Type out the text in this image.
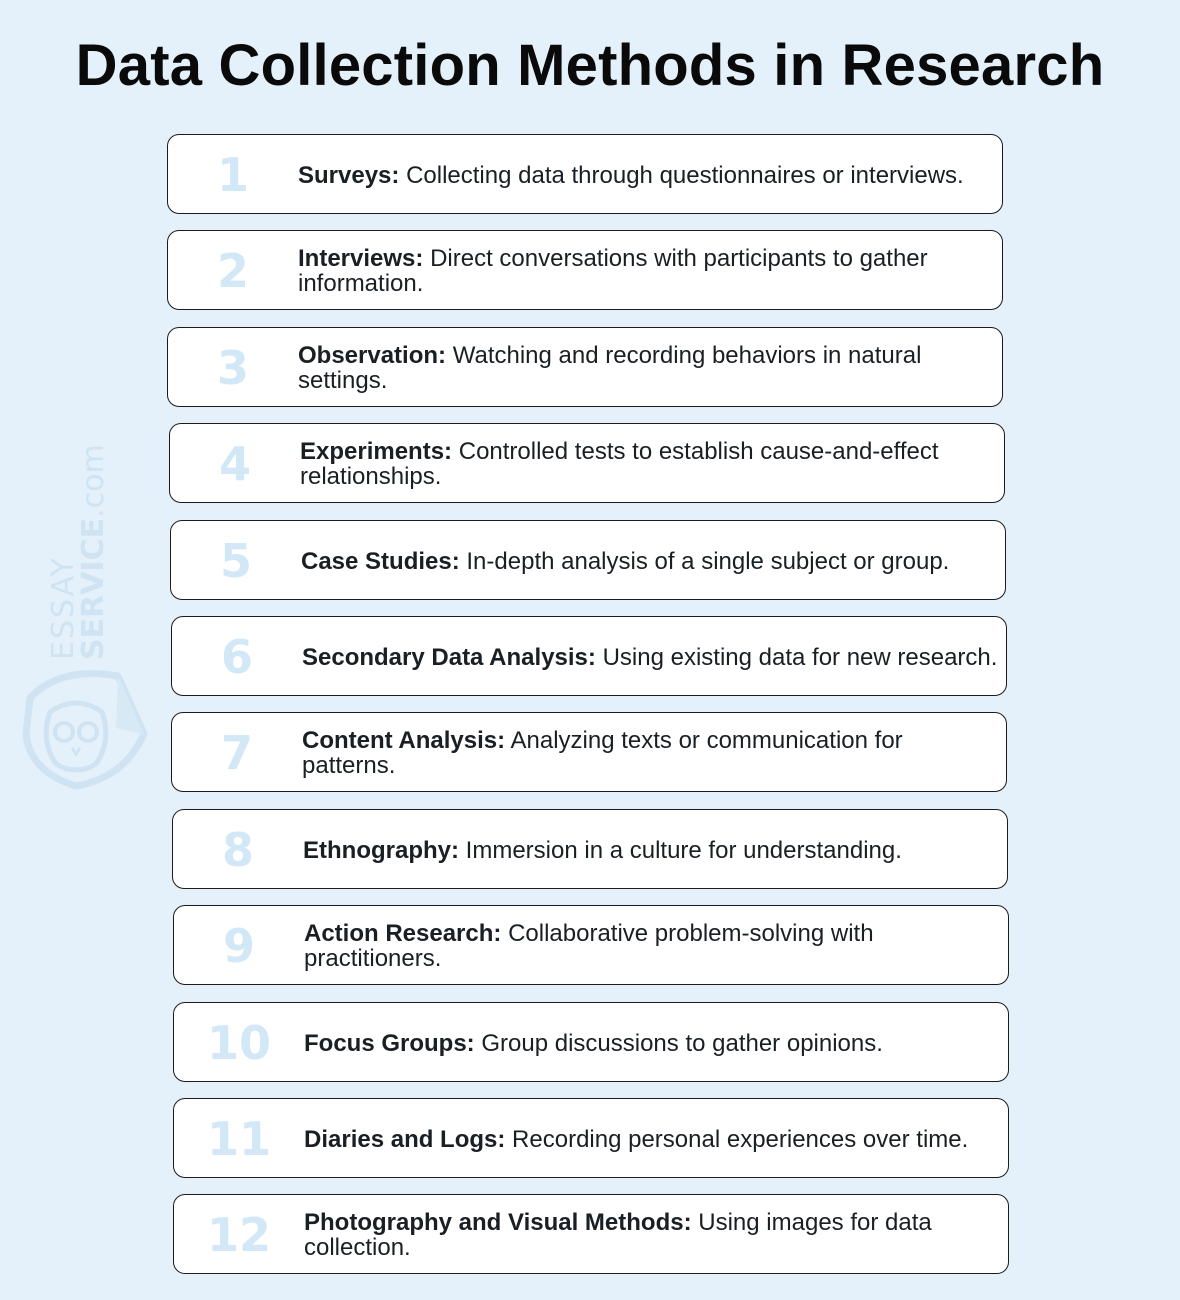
Data Collection Methods in Research
ESSAY
SERVICE.com
1	Surveys: Collecting data through questionnaires or interviews.
2	Interviews: Direct conversations with participants to gather information.
3	Observation: Watching and recording behaviors in natural settings.
4	Experiments: Controlled tests to establish cause-and-effect relationships.
5	Case Studies: In-depth analysis of a single subject or group.
6	Secondary Data Analysis: Using existing data for new research.
7	Content Analysis: Analyzing texts or communication for patterns.
8	Ethnography: Immersion in a culture for understanding.
9	Action Research: Collaborative problem-solving with practitioners.
10	Focus Groups: Group discussions to gather opinions.
11	Diaries and Logs: Recording personal experiences over time.
12	Photography and Visual Methods: Using images for data collection.
